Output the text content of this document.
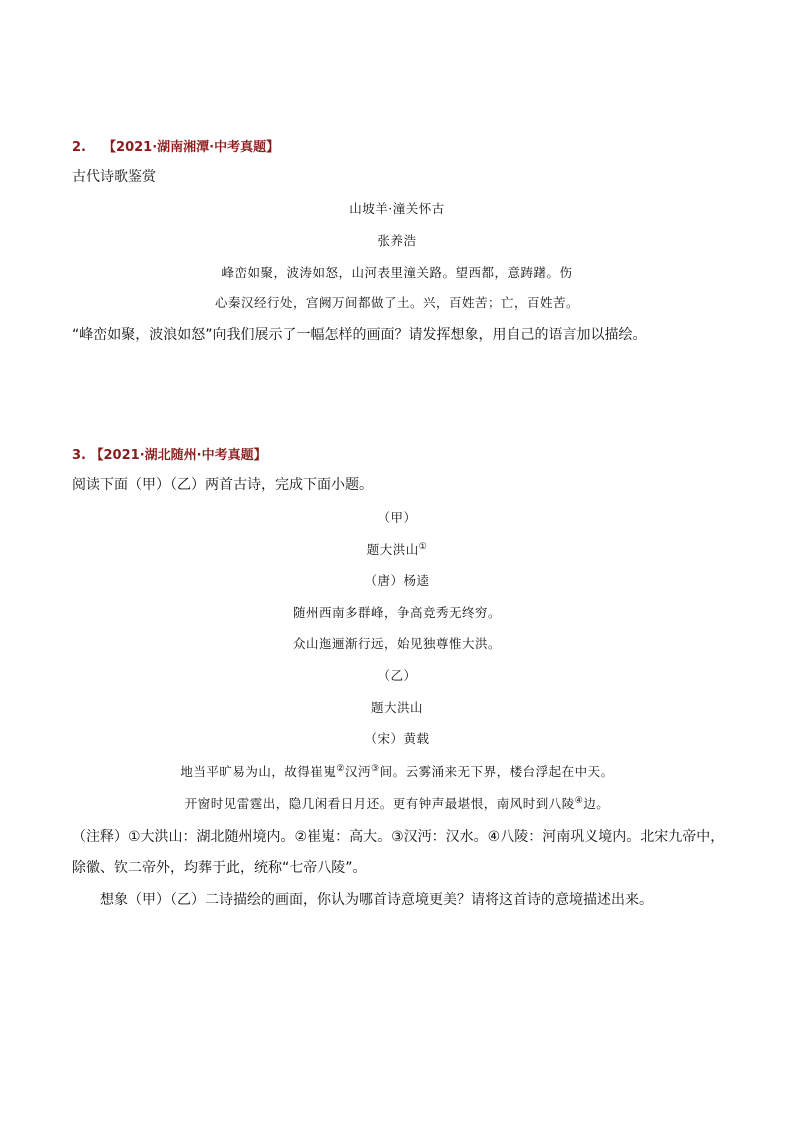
2. 【2021·湖南湘潭·中考真题】
古代诗歌鉴赏
山坡羊·潼关怀古
张养浩
峰峦如聚，波涛如怒，山河表里潼关路。望西都，意踌躇。伤
心秦汉经行处，宫阙万间都做了土。兴，百姓苦；亡，百姓苦。
“峰峦如聚，波浪如怒”向我们展示了一幅怎样的画面？请发挥想象，用自己的语言加以描绘。
3. 【2021·湖北随州·中考真题】
阅读下面（甲）（乙）两首古诗，完成下面小题。
（甲）
题大洪山①
（唐）杨逵
随州西南多群峰，争高竞秀无终穷。
众山迤逦渐行远，始见独尊惟大洪。
（乙）
题大洪山
（宋）黄载
地当平旷易为山，故得崔嵬②汉沔③间。云雾涌来无下界，楼台浮起在中天。
开窗时见雷霆出，隐几闲看日月还。更有钟声最堪恨，南风时到八陵④边。
（注释）①大洪山：湖北随州境内。②崔嵬：高大。③汉沔：汉水。④八陵：河南巩义境内。北宋九帝中，
除徽、钦二帝外，均葬于此，统称“七帝八陵”。
想象（甲）（乙）二诗描绘的画面，你认为哪首诗意境更美？请将这首诗的意境描述出来。
